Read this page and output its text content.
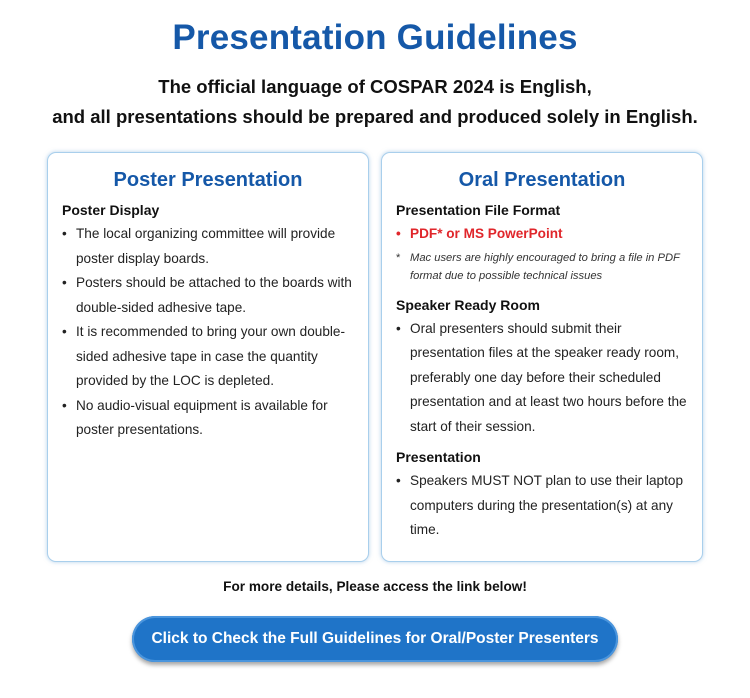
Presentation Guidelines
The official language of COSPAR 2024 is English,
and all presentations should be prepared and produced solely in English.
Poster Presentation
Poster Display
• The local organizing committee will provide poster display boards.
• Posters should be attached to the boards with double-sided adhesive tape.
• It is recommended to bring your own double-sided adhesive tape in case the quantity provided by the LOC is depleted.
• No audio-visual equipment is available for poster presentations.
Oral Presentation
Presentation File Format
• PDF* or MS PowerPoint
* Mac users are highly encouraged to bring a file in PDF format due to possible technical issues
Speaker Ready Room
• Oral presenters should submit their presentation files at the speaker ready room, preferably one day before their scheduled presentation and at least two hours before the start of their session.
Presentation
• Speakers MUST NOT plan to use their laptop computers during the presentation(s) at any time.
For more details, Please access the link below!
Click to Check the Full Guidelines for Oral/Poster Presenters
